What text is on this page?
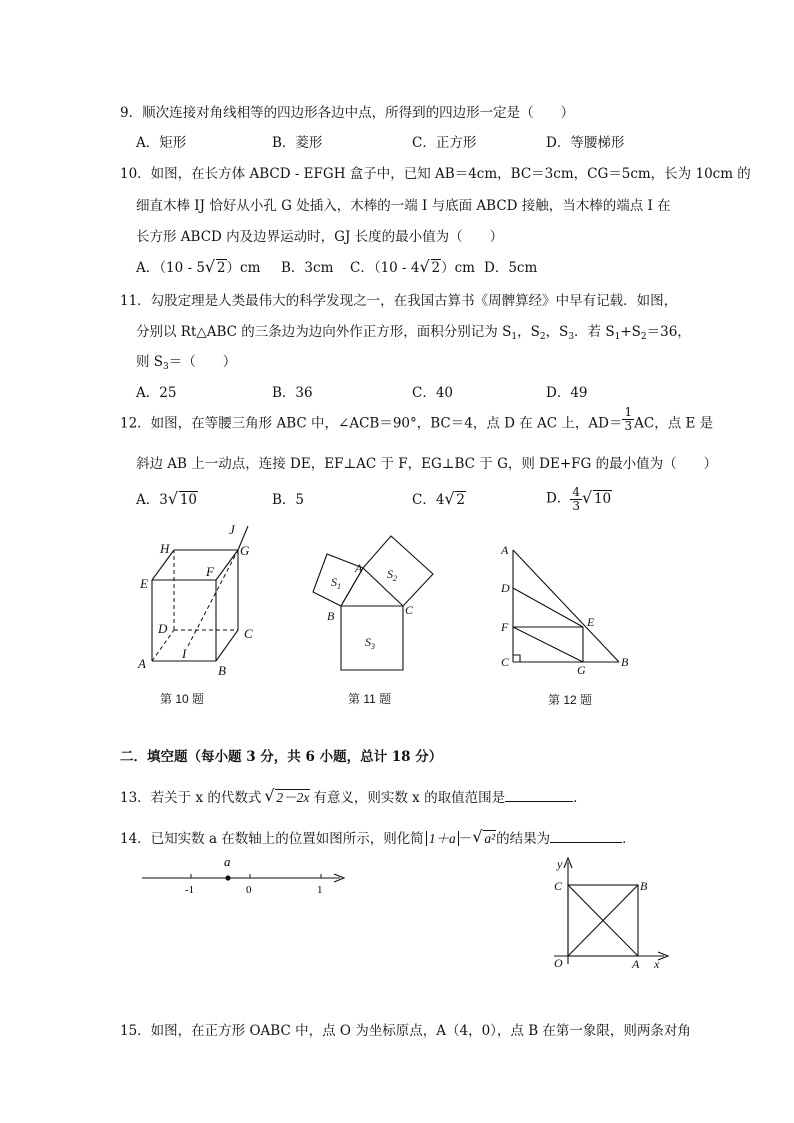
9．顺次连接对角线相等的四边形各边中点，所得到的四边形一定是（　　）
A．矩形	B．菱形	C．正方形	D．等腰梯形
10．如图，在长方体 ABCD - EFGH 盒子中，已知 AB＝4cm，BC＝3cm，CG＝5cm，长为 10cm 的
细直木棒 IJ 恰好从小孔 G 处插入，木棒的一端 I 与底面 ABCD 接触，当木棒的端点 I 在
长方形 ABCD 内及边界运动时，GJ 长度的最小值为（　　）
A．（10 - 5 √ 2）cm B．3cm C．（10 - 4 √ 2）cm D．5cm
11．勾股定理是人类最伟大的科学发现之一，在我国古算书《周髀算经》中早有记载．如图，
分别以 Rt△ABC 的三条边为边向外作正方形，面积分别记为 $S_1$，$S_2$，$S_3$．若 $S_1+S_2=36$，
则 $S_3=$（　　）
A．25	B．36	C．40	D．49
12．如图，在等腰三角形 ABC 中，∠ACB＝90°，BC＝4，点 D 在 AC 上，$AD= \frac{1}{3}$ AC，点 E 是
斜边 AB 上一动点，连接 DE，EF⊥AC 于 F，EG⊥BC 于 G，则 DE+FG 的最小值为（　　）
A．3 √ 10	B．5	C．4 √ 2	D． $\frac{4}{3}$ √ 10
H
J
G
E
F
D	C
A
I
B
第 10 题
$S_1$
A $S_2$
B	C
$S_3$
第 11 题
A
D
E
F
C
G
B
第 12 题
二．填空题（每小题 3 分，共 6 小题，总计 18 分）
13．若关于 x 的代数式 √ 2－2x 有意义，则实数 x 的取值范围是	．
14．已知实数 a 在数轴上的位置如图所示，则化简 1＋a － √ a²的结果为	．
a
-1	0	1
y
C	B
O	A x
15．如图，在正方形 OABC 中，点 O 为坐标原点，A（4，0），点 B 在第一象限，则两条对角
